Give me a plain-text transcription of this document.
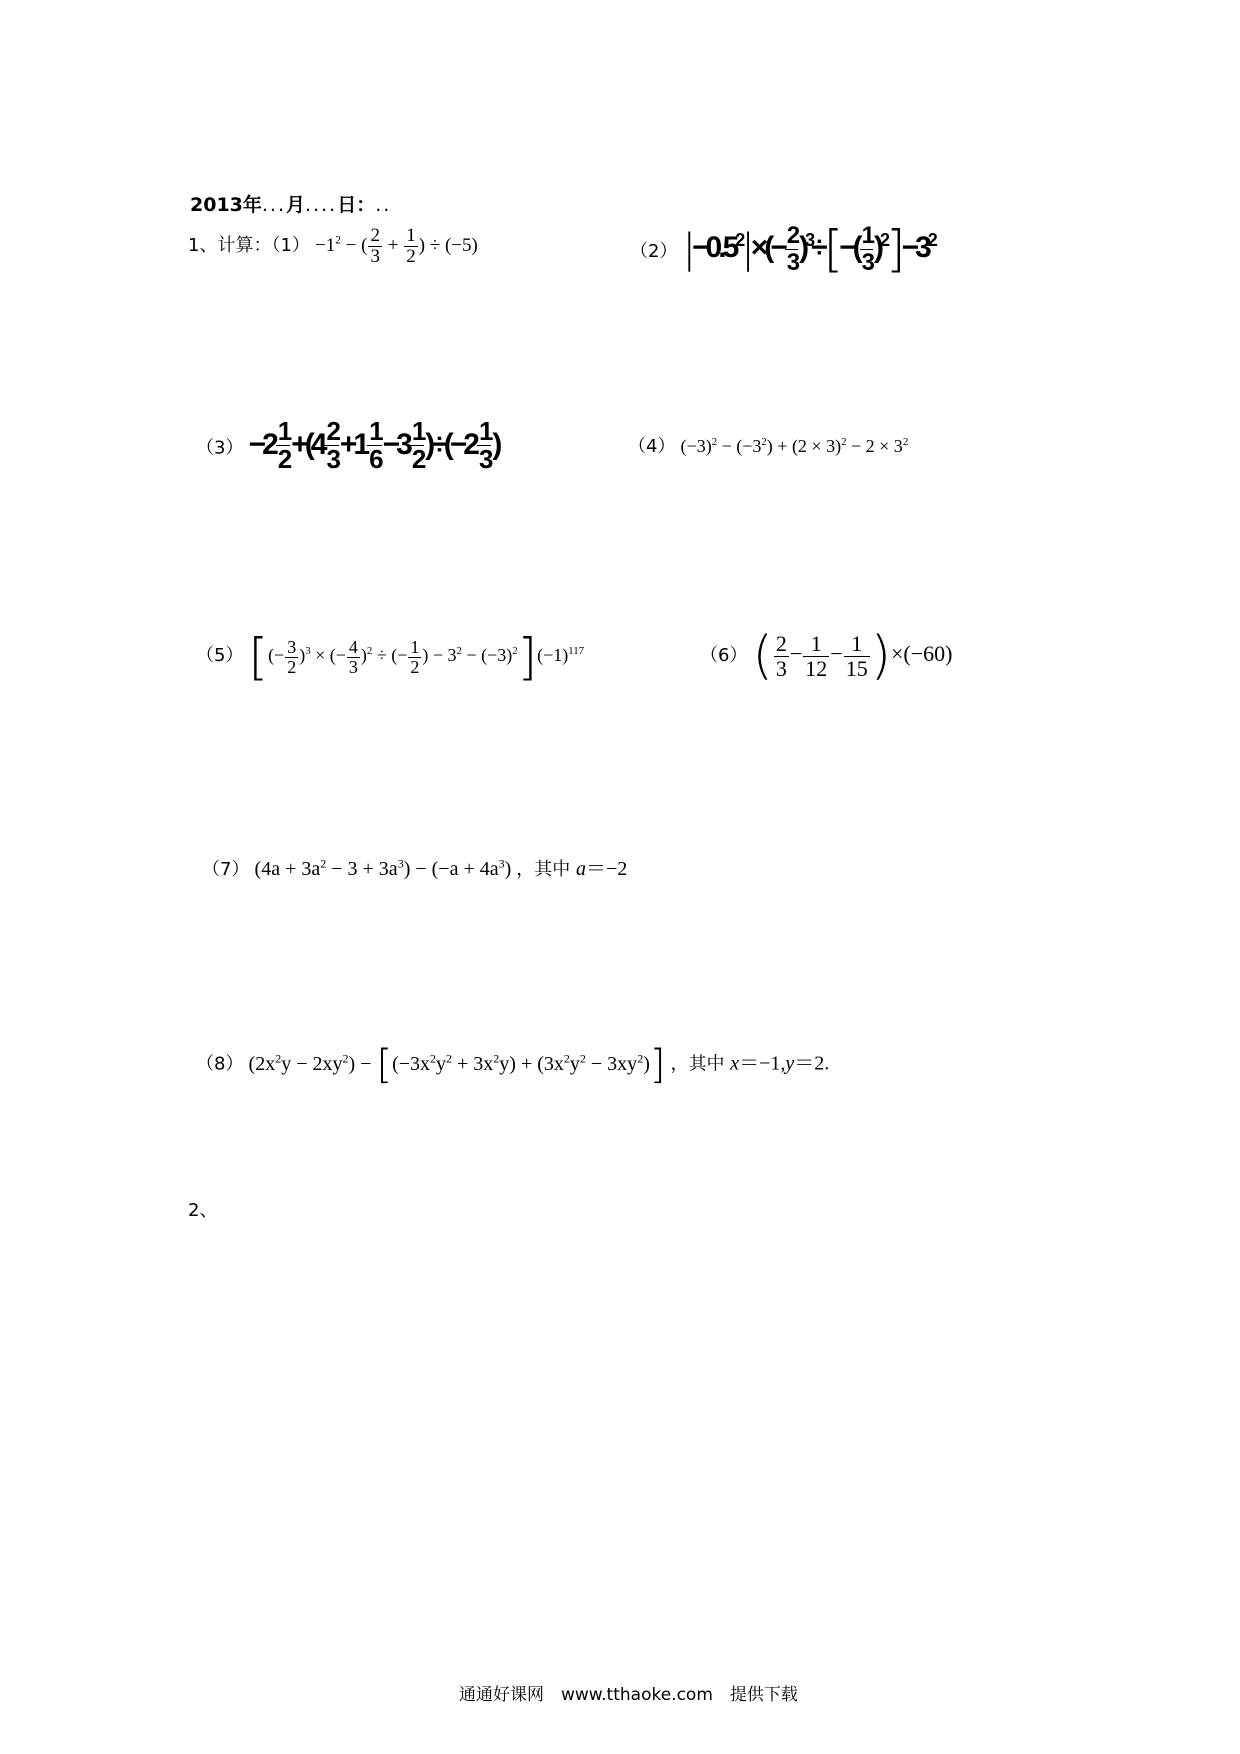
2013年...月....日：..
1、计算：$(1) -1^2$ − ( $\frac{2}{3} + \frac{1}{2}$ ) ÷ (−5)	（2） $|-0.5^2|\times(- \frac{2}{3} )^3\div[-( \frac{1}{3} )^2]-3^2$
$(3) -2 \frac{1}{2} +(4 \frac{2}{3} +1 \frac{1}{6} -3 \frac{1}{2} )\div(-2 \frac{1}{3}$ )	（4） $(-3)^2 - (-3^2) + (2 \times 3)^2 - 2 \times 3^2$
（5） [(− $\frac{3}{2} )^3$ × (− $\frac{4}{3} )^2$ ÷ (− $\frac{1}{2}$ ) − $3^2 - (-3)^2](-1)^{117}$	（6） ( $\frac{2}{3} - \frac{1}{12} - \frac{1}{15} )\times(-60)$
（7） $(4a + 3a^2 - 3 + 3a^3) - (-a + 4a^3)$ ，其中 a＝−2
（8） $(2x^2y - 2xy^2) - [(-3x^2y^2 + 3x^2y) + (3x^2y^2 - 3xy^2)]$ ，其中 x＝−1,y＝2.
2、
通通好课网　www.tthaoke.com　提供下载
